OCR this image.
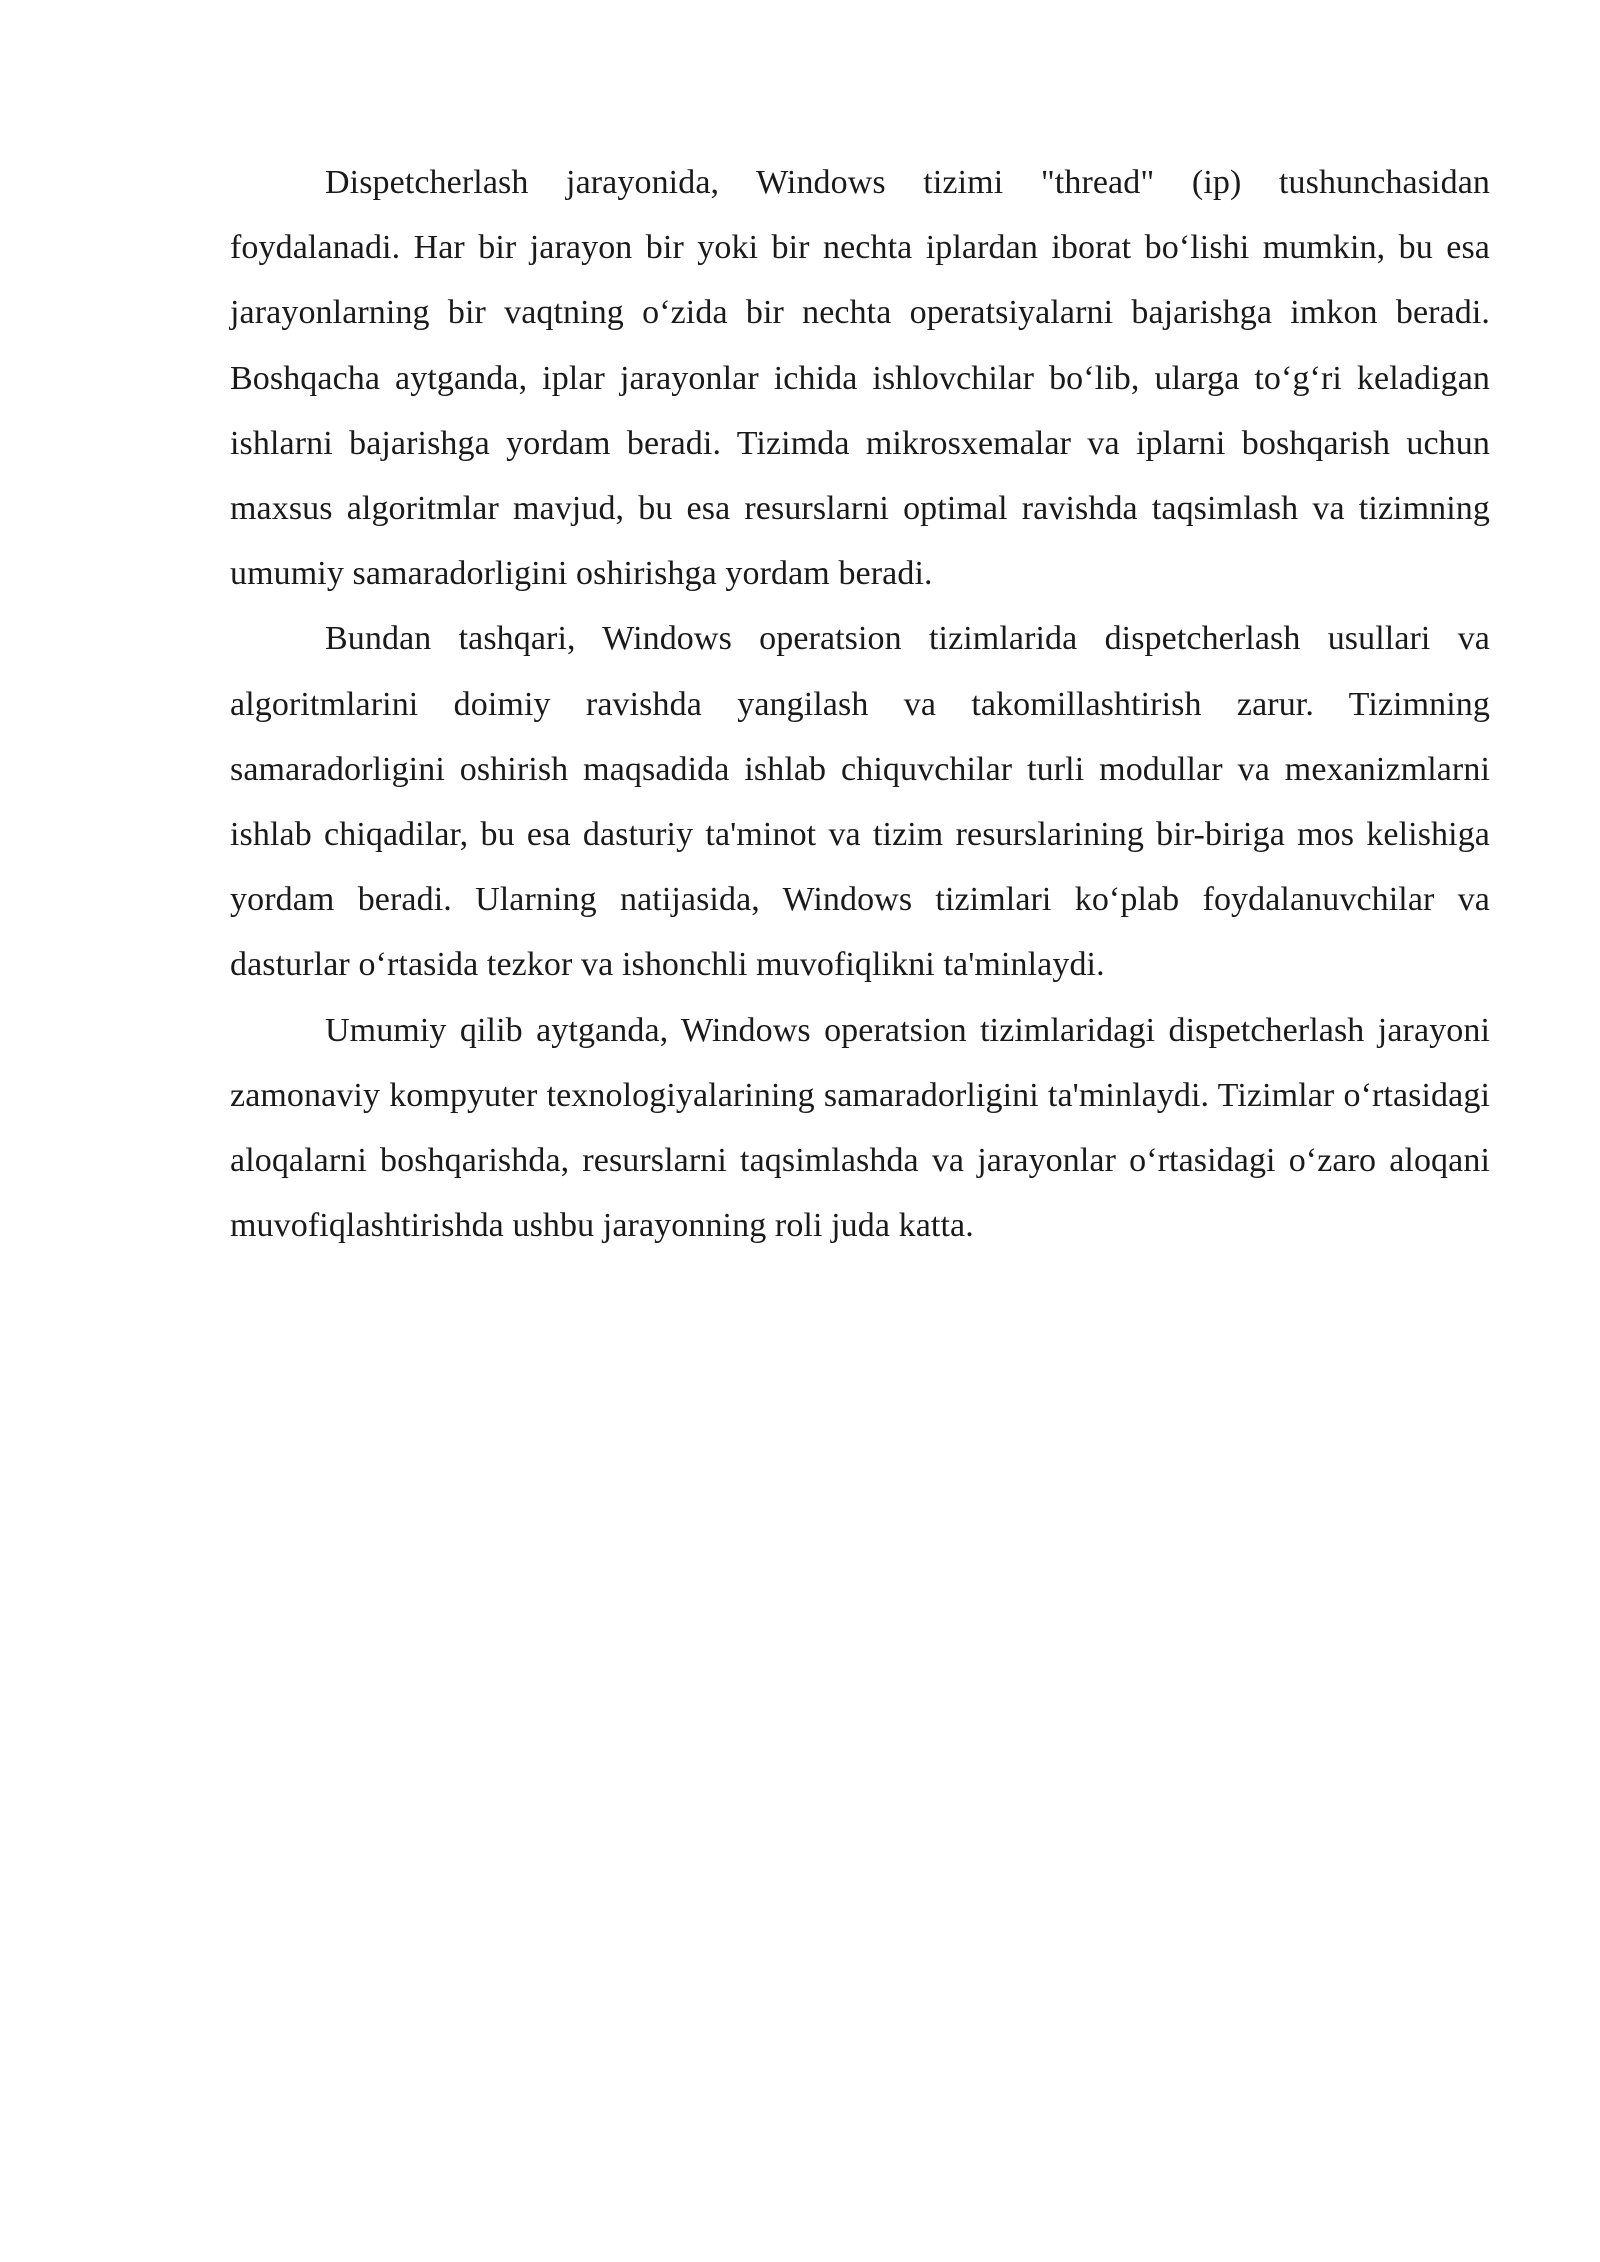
Dispetcherlash jarayonida, Windows tizimi "thread" (ip) tushunchasidan foydalanadi. Har bir jarayon bir yoki bir nechta iplardan iborat bo‘lishi mumkin, bu esa jarayonlarning bir vaqtning o‘zida bir nechta operatsiyalarni bajarishga imkon beradi. Boshqacha aytganda, iplar jarayonlar ichida ishlovchilar bo‘lib, ularga to‘g‘ri keladigan ishlarni bajarishga yordam beradi. Tizimda mikrosxemalar va iplarni boshqarish uchun maxsus algoritmlar mavjud, bu esa resurslarni optimal ravishda taqsimlash va tizimning umumiy samaradorligini oshirishga yordam beradi.

Bundan tashqari, Windows operatsion tizimlarida dispetcherlash usullari va algoritmlarini doimiy ravishda yangilash va takomillashtirish zarur. Tizimning samaradorligini oshirish maqsadida ishlab chiquvchilar turli modullar va mexanizmlarni ishlab chiqadilar, bu esa dasturiy ta'minot va tizim resurslarining bir-biriga mos kelishiga yordam beradi. Ularning natijasida, Windows tizimlari ko‘plab foydalanuvchilar va dasturlar o‘rtasida tezkor va ishonchli muvofiqlikni ta'minlaydi.

Umumiy qilib aytganda, Windows operatsion tizimlaridagi dispetcherlash jarayoni zamonaviy kompyuter texnologiyalarining samaradorligini ta'minlaydi. Tizimlar o‘rtasidagi aloqalarni boshqarishda, resurslarni taqsimlashda va jarayonlar o‘rtasidagi o‘zaro aloqani muvofiqlashtirishda ushbu jarayonning roli juda katta.
